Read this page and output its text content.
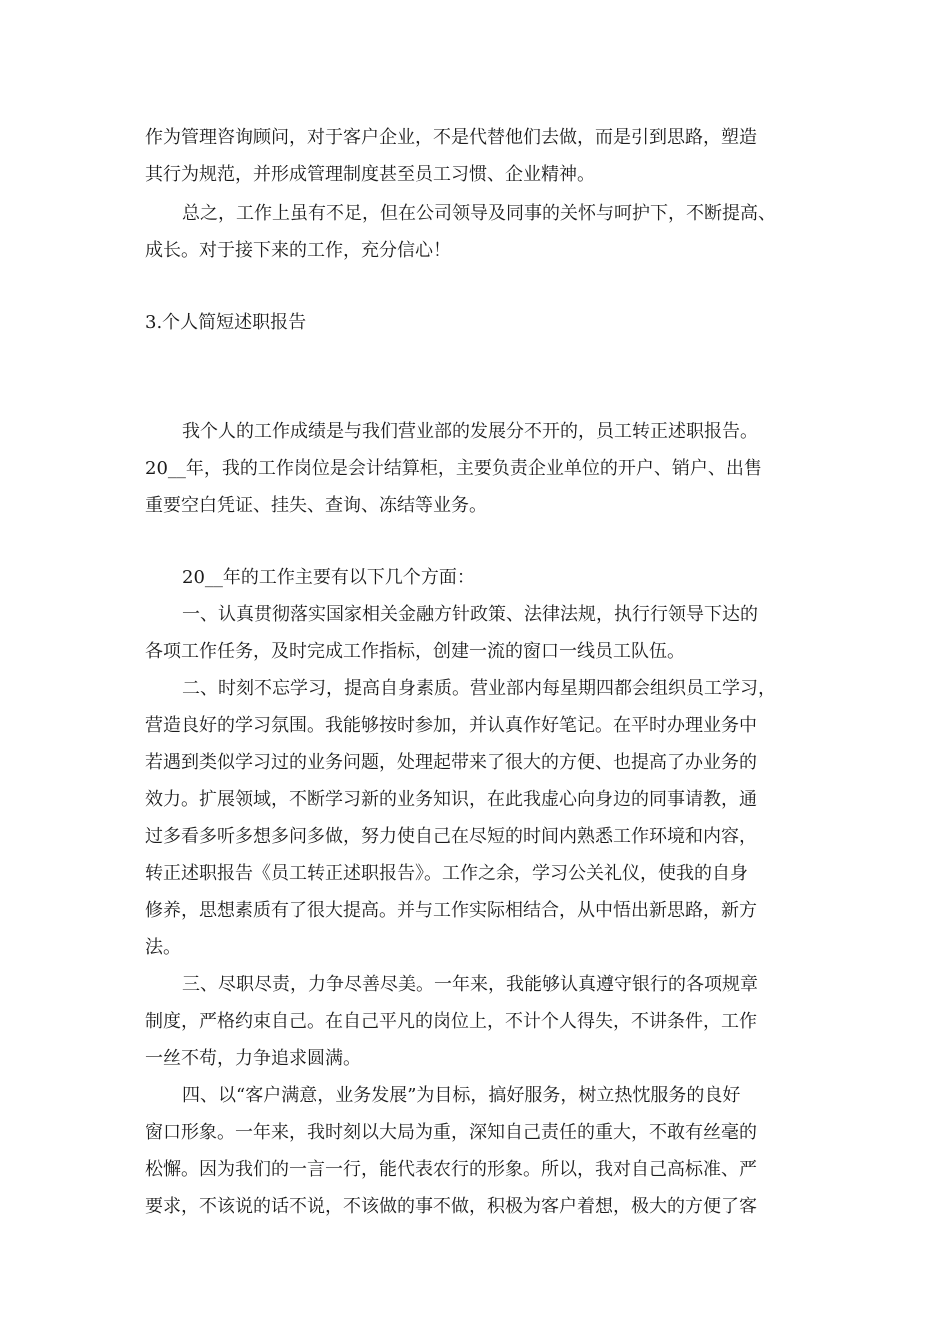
作为管理咨询顾问，对于客户企业，不是代替他们去做，而是引到思路，塑造
其行为规范，并形成管理制度甚至员工习惯、企业精神。
总之，工作上虽有不足，但在公司领导及同事的关怀与呵护下，不断提高、
成长。对于接下来的工作，充分信心！
3.个人简短述职报告
我个人的工作成绩是与我们营业部的发展分不开的，员工转正述职报告。
20__年，我的工作岗位是会计结算柜，主要负责企业单位的开户、销户、出售
重要空白凭证、挂失、查询、冻结等业务。
20__年的工作主要有以下几个方面：
一、认真贯彻落实国家相关金融方针政策、法律法规，执行行领导下达的
各项工作任务，及时完成工作指标，创建一流的窗口一线员工队伍。
二、时刻不忘学习，提高自身素质。营业部内每星期四都会组织员工学习，
营造良好的学习氛围。我能够按时参加，并认真作好笔记。在平时办理业务中
若遇到类似学习过的业务问题，处理起带来了很大的方便、也提高了办业务的
效力。扩展领域，不断学习新的业务知识，在此我虚心向身边的同事请教，通
过多看多听多想多问多做，努力使自己在尽短的时间内熟悉工作环境和内容，
转正述职报告《员工转正述职报告》。工作之余，学习公关礼仪，使我的自身
修养，思想素质有了很大提高。并与工作实际相结合，从中悟出新思路，新方
法。
三、尽职尽责，力争尽善尽美。一年来，我能够认真遵守银行的各项规章
制度，严格约束自己。在自己平凡的岗位上，不计个人得失，不讲条件，工作
一丝不苟，力争追求圆满。
四、以“客户满意，业务发展”为目标，搞好服务，树立热忱服务的良好
窗口形象。一年来，我时刻以大局为重，深知自己责任的重大，不敢有丝毫的
松懈。因为我们的一言一行，能代表农行的形象。所以，我对自己高标准、严
要求，不该说的话不说，不该做的事不做，积极为客户着想，极大的方便了客
